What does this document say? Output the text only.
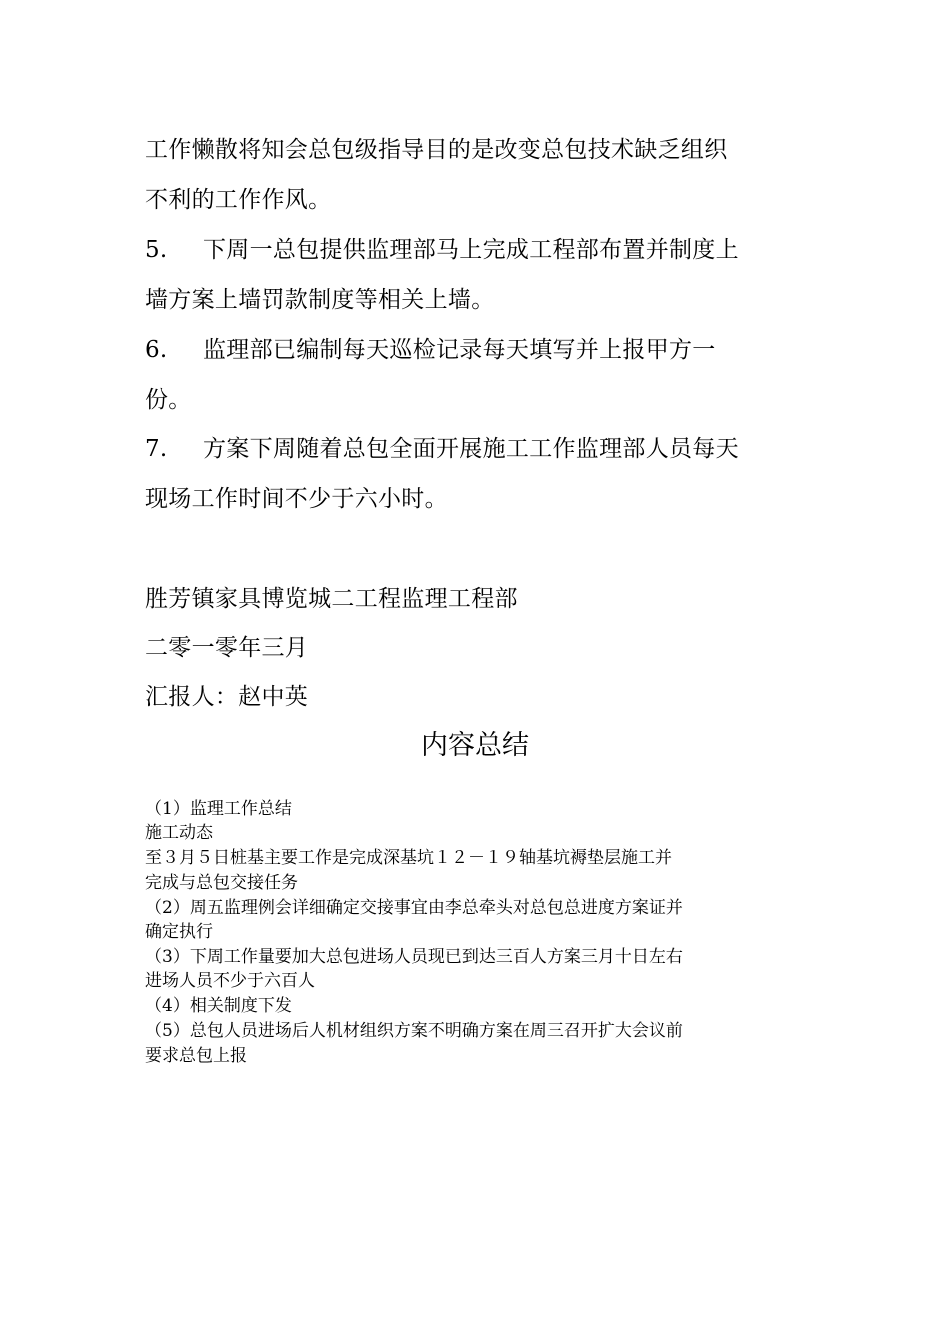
工作懒散将知会总包级指导目的是改变总包技术缺乏组织
不利的工作作风。
5. 下周一总包提供监理部马上完成工程部布置并制度上
墙方案上墙罚款制度等相关上墙。
6. 监理部已编制每天巡检记录每天填写并上报甲方一
份。
7. 方案下周随着总包全面开展施工工作监理部人员每天
现场工作时间不少于六小时。
胜芳镇家具博览城二工程监理工程部
二零一零年三月
汇报人：赵中英
内容总结
（1）监理工作总结
施工动态
至３月５日桩基主要工作是完成深基坑１２－１９轴基坑褥垫层施工并
完成与总包交接任务
（2）周五监理例会详细确定交接事宜由李总牵头对总包总进度方案证并
确定执行
（3）下周工作量要加大总包进场人员现已到达三百人方案三月十日左右
进场人员不少于六百人
（4）相关制度下发
（5）总包人员进场后人机材组织方案不明确方案在周三召开扩大会议前
要求总包上报
